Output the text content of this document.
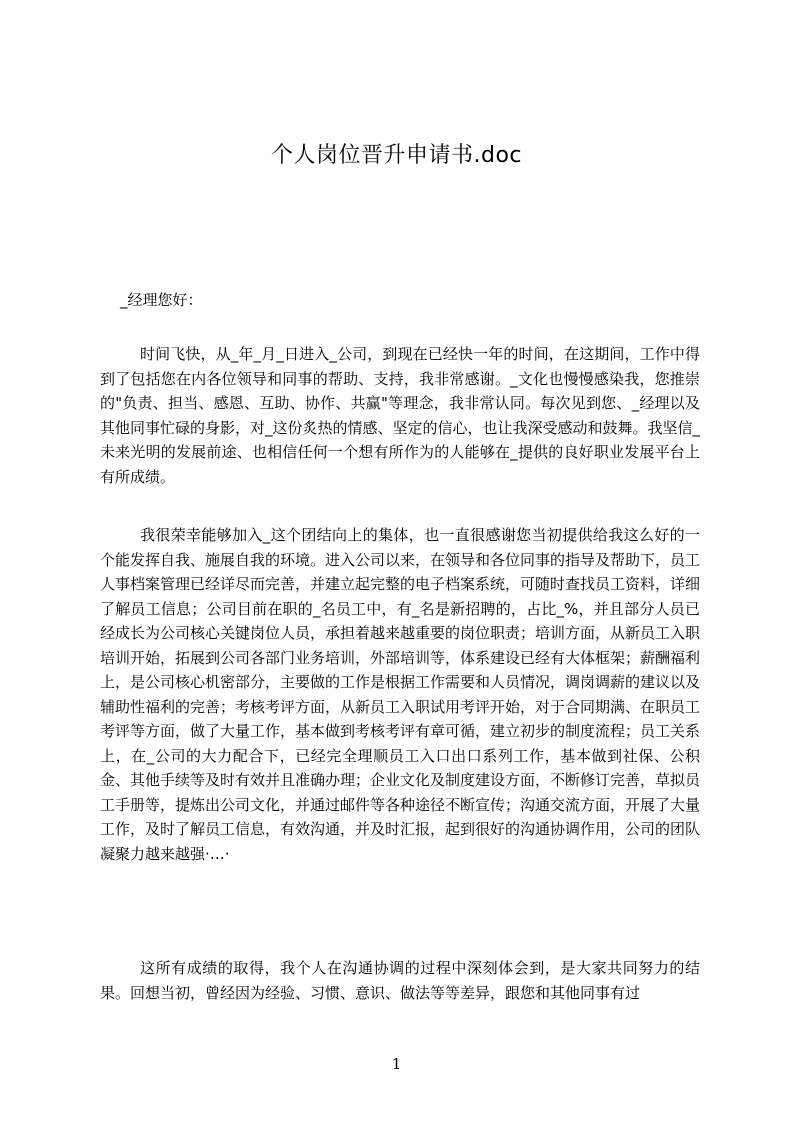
个人岗位晋升申请书.doc
_经理您好：

时间飞快，从_年_月_日进入_公司，到现在已经快一年的时间，在这期间，工作中得到了包括您在内各位领导和同事的帮助、支持，我非常感谢。_文化也慢慢感染我，您推崇的"负责、担当、感恩、互助、协作、共赢"等理念，我非常认同。每次见到您、_经理以及其他同事忙碌的身影，对_这份炙热的情感、坚定的信心，也让我深受感动和鼓舞。我坚信_未来光明的发展前途、也相信任何一个想有所作为的人能够在_提供的良好职业发展平台上有所成绩。

我很荣幸能够加入_这个团结向上的集体，也一直很感谢您当初提供给我这么好的一个能发挥自我、施展自我的环境。进入公司以来，在领导和各位同事的指导及帮助下，员工人事档案管理已经详尽而完善，并建立起完整的电子档案系统，可随时查找员工资料，详细了解员工信息；公司目前在职的_名员工中，有_名是新招聘的，占比_%，并且部分人员已经成长为公司核心关键岗位人员，承担着越来越重要的岗位职责；培训方面，从新员工入职培训开始，拓展到公司各部门业务培训，外部培训等，体系建设已经有大体框架；薪酬福利上，是公司核心机密部分，主要做的工作是根据工作需要和人员情况，调岗调薪的建议以及辅助性福利的完善；考核考评方面，从新员工入职试用考评开始，对于合同期满、在职员工考评等方面，做了大量工作，基本做到考核考评有章可循，建立初步的制度流程；员工关系上，在_公司的大力配合下，已经完全理顺员工入口出口系列工作，基本做到社保、公积金、其他手续等及时有效并且准确办理；企业文化及制度建设方面，不断修订完善，草拟员工手册等，提炼出公司文化，并通过邮件等各种途径不断宣传；沟通交流方面，开展了大量工作，及时了解员工信息，有效沟通，并及时汇报，起到很好的沟通协调作用，公司的团队凝聚力越来越强·…·

这所有成绩的取得，我个人在沟通协调的过程中深刻体会到，是大家共同努力的结果。回想当初，曾经因为经验、习惯、意识、做法等等差异，跟您和其他同事有过

1
